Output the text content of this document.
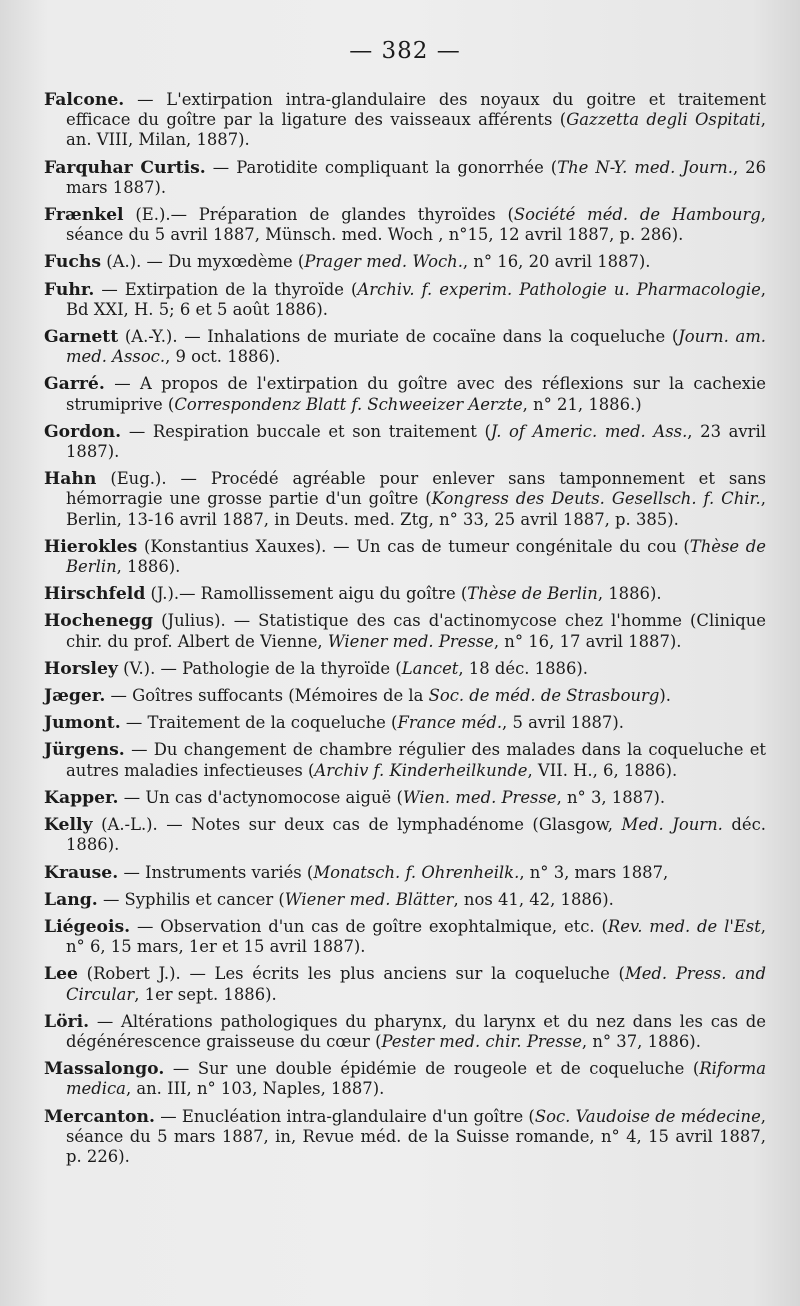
— 382 —

Falcone. — L'extirpation intra-glandulaire des noyaux du goitre et traitement efficace du goître par la ligature des vaisseaux afférents (Gazzetta degli Ospitati, an. VIII, Milan, 1887).

Farquhar Curtis. — Parotidite compliquant la gonorrhée (The N-Y. med. Journ., 26 mars 1887).

Frænkel (E.).— Préparation de glandes thyroïdes (Société méd. de Hambourg, séance du 5 avril 1887, Münsch. med. Woch , n°15, 12 avril 1887, p. 286).

Fuchs (A.). — Du myxœdème (Prager med. Woch., n° 16, 20 avril 1887).

Fuhr. — Extirpation de la thyroïde (Archiv. f. experim. Pathologie u. Pharmacologie, Bd XXI, H. 5; 6 et 5 août 1886).

Garnett (A.-Y.). — Inhalations de muriate de cocaïne dans la coqueluche (Journ. am. med. Assoc., 9 oct. 1886).

Garré. — A propos de l'extirpation du goître avec des réflexions sur la cachexie strumiprive (Correspondenz Blatt f. Schweeizer Aerzte, n° 21, 1886.)

Gordon. — Respiration buccale et son traitement (J. of Americ. med. Ass., 23 avril 1887).

Hahn (Eug.). — Procédé agréable pour enlever sans tamponnement et sans hémorragie une grosse partie d'un goître (Kongress des Deuts. Gesellsch. f. Chir., Berlin, 13-16 avril 1887, in Deuts. med. Ztg, n° 33, 25 avril 1887, p. 385).

Hierokles (Konstantius Xauxes). — Un cas de tumeur congénitale du cou (Thèse de Berlin, 1886).

Hirschfeld (J.).— Ramollissement aigu du goître (Thèse de Berlin, 1886).

Hochenegg (Julius). — Statistique des cas d'actinomycose chez l'homme (Clinique chir. du prof. Albert de Vienne, Wiener med. Presse, n° 16, 17 avril 1887).

Horsley (V.). — Pathologie de la thyroïde (Lancet, 18 déc. 1886).

Jæger. — Goîtres suffocants (Mémoires de la Soc. de méd. de Strasbourg).

Jumont. — Traitement de la coqueluche (France méd., 5 avril 1887).

Jürgens. — Du changement de chambre régulier des malades dans la coqueluche et autres maladies infectieuses (Archiv f. Kinderheilkunde, VII. H., 6, 1886).

Kapper. — Un cas d'actynomocose aiguë (Wien. med. Presse, n° 3, 1887).

Kelly (A.-L.). — Notes sur deux cas de lymphadénome (Glasgow, Med. Journ. déc. 1886).

Krause. — Instruments variés (Monatsch. f. Ohrenheilk., n° 3, mars 1887,

Lang. — Syphilis et cancer (Wiener med. Blätter, nos 41, 42, 1886).

Liégeois. — Observation d'un cas de goître exophtalmique, etc. (Rev. med. de l'Est, n° 6, 15 mars, 1er et 15 avril 1887).

Lee (Robert J.). — Les écrits les plus anciens sur la coqueluche (Med. Press. and Circular, 1er sept. 1886).

Löri. — Altérations pathologiques du pharynx, du larynx et du nez dans les cas de dégénérescence graisseuse du cœur (Pester med. chir. Presse, n° 37, 1886).

Massalongo. — Sur une double épidémie de rougeole et de coqueluche (Riforma medica, an. III, n° 103, Naples, 1887).

Mercanton. — Enucléation intra-glandulaire d'un goître (Soc. Vaudoise de médecine, séance du 5 mars 1887, in, Revue méd. de la Suisse romande, n° 4, 15 avril 1887, p. 226).
